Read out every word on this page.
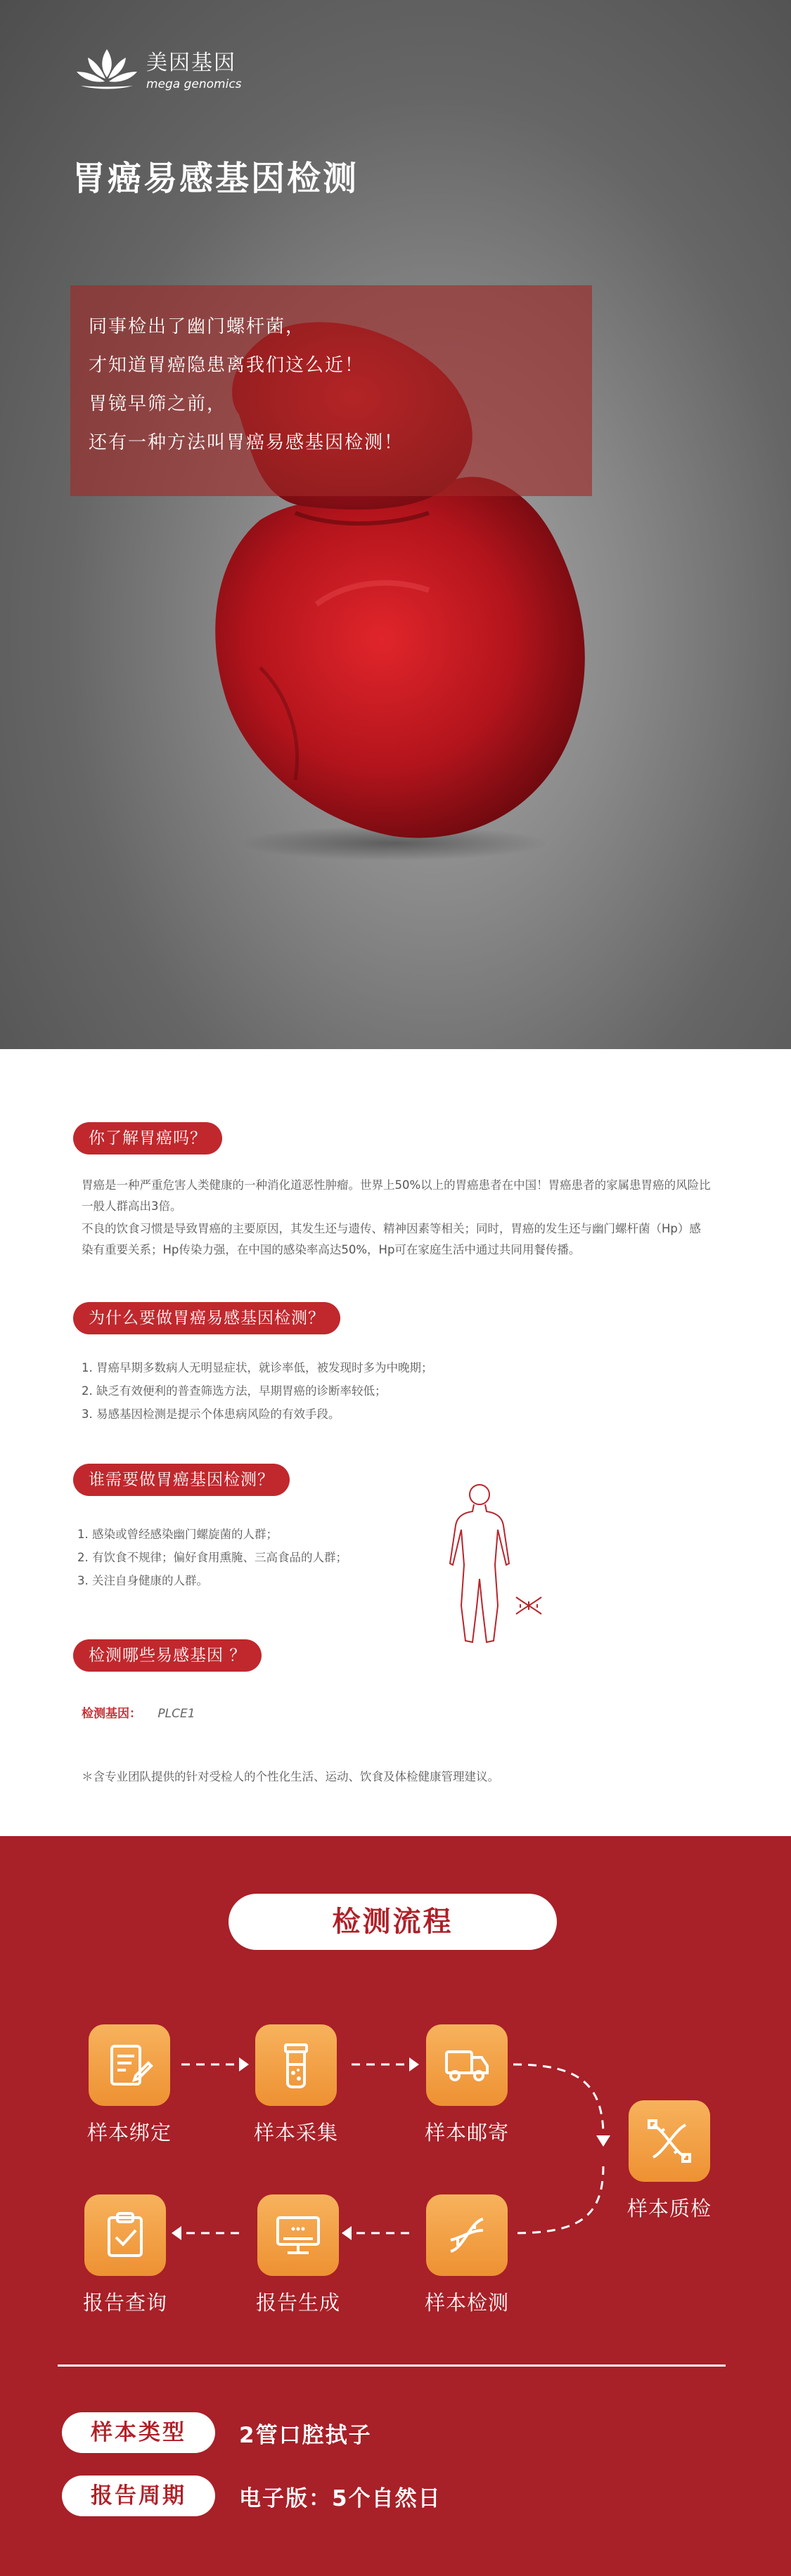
美因基因
mega genomics
胃癌易感基因检测

同事检出了幽门螺杆菌，

才知道胃癌隐患离我们这么近！

胃镜早筛之前，

还有一种方法叫胃癌易感基因检测！

你了解胃癌吗？
胃癌是一种严重危害人类健康的一种消化道恶性肿瘤。世界上50%以上的胃癌患者在中国！胃癌患者的家属患胃癌的风险比一般人群高出3倍。
不良的饮食习惯是导致胃癌的主要原因，其发生还与遗传、精神因素等相关；同时，胃癌的发生还与幽门螺杆菌（Hp）感染有重要关系；Hp传染力强，在中国的感染率高达50%，Hp可在家庭生活中通过共同用餐传播。
为什么要做胃癌易感基因检测？
1. 胃癌早期多数病人无明显症状，就诊率低，被发现时多为中晚期；
2. 缺乏有效便利的普查筛选方法，早期胃癌的诊断率较低；
3. 易感基因检测是提示个体患病风险的有效手段。
谁需要做胃癌基因检测？
1. 感染或曾经感染幽门螺旋菌的人群；
2. 有饮食不规律；偏好食用熏腌、三高食品的人群；
3. 关注自身健康的人群。
检测哪些易感基因 ？
检测基因： PLCE1
＊含专业团队提供的针对受检人的个性化生活、运动、饮食及体检健康管理建议。
检测流程
样本绑定	样本采集	样本邮寄
样本质检
样本检测
报告生成
报告查询
样本类型	2管口腔拭子
报告周期	电子版：5个自然日
